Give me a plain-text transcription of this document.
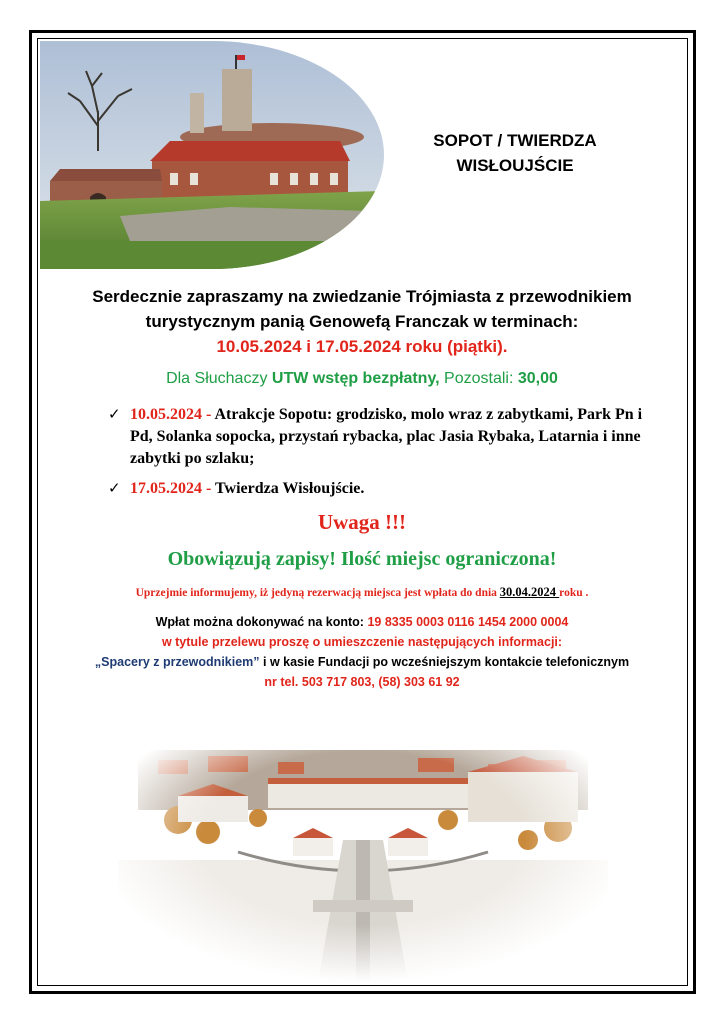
SOPOT / TWIERDZA
WISŁOUJŚCIE
Serdecznie zapraszamy na zwiedzanie Trójmiasta z przewodnikiem
turystycznym panią Genowefą Franczak w terminach:
10.05.2024 i 17.05.2024 roku (piątki).
Dla Słuchaczy UTW wstęp bezpłatny, Pozostali: 30,00
✓ 10.05.2024 - Atrakcje Sopotu: grodzisko, molo wraz z zabytkami, Park Pn i Pd, Solanka sopocka, przystań rybacka, plac Jasia Rybaka, Latarnia i inne zabytki po szlaku;
✓ 17.05.2024 - Twierdza Wisłoujście.
Uwaga !!!
Obowiązują zapisy! Ilość miejsc ograniczona!
Uprzejmie informujemy, iż jedyną rezerwacją miejsca jest wpłata do dnia 30.04.2024 roku .
Wpłat można dokonywać na konto: 19 8335 0003 0116 1454 2000 0004
w tytule przelewu proszę o umieszczenie następujących informacji:
„Spacery z przewodnikiem” i w kasie Fundacji po wcześniejszym kontakcie telefonicznym
nr tel. 503 717 803, (58) 303 61 92
